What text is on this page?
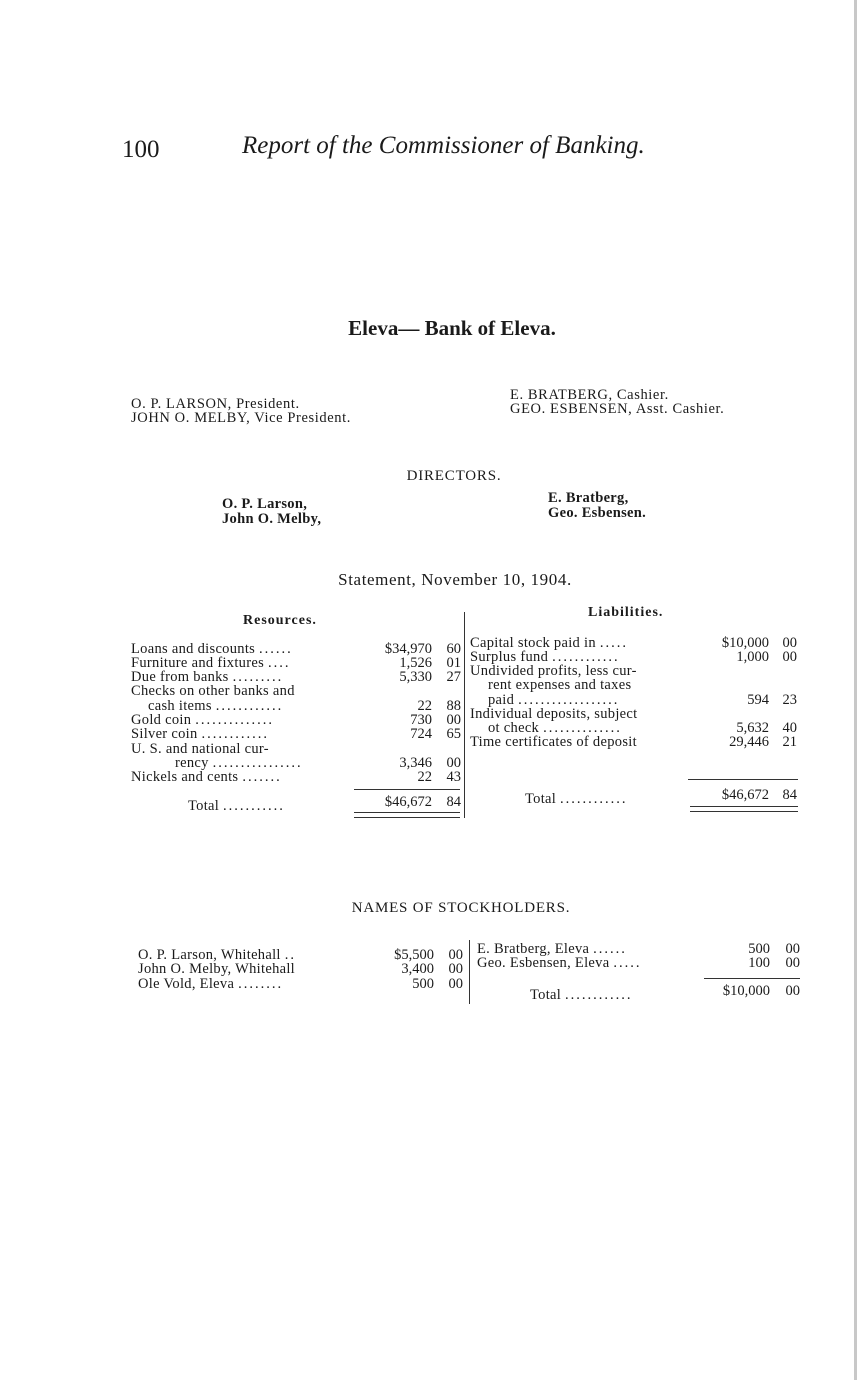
100	Report of the Commissioner of Banking.
Eleva— Bank of Eleva.
O. P. LARSON, President.
JOHN O. MELBY, Vice President.
E. BRATBERG, Cashier.
GEO. ESBENSEN, Asst. Cashier.
DIRECTORS.
O. P. Larson,
John O. Melby,
E. Bratberg,
Geo. Esbensen.
Statement, November 10, 1904.
Resources.
Liabilities.
Loans and discounts ......	$34,970	60
Furniture and fixtures ....	1,526	01
Due from banks .........	5,330	27
Checks on other banks and
cash items ............	22	88
Gold coin ..............	730	00
Silver coin ............	724	65
U. S. and national cur-
rency ................	3,346	00
Nickels and cents .......	22	43
Capital stock paid in .....	$10,000 00
Surplus fund ............	1,000 00
Undivided profits, less cur-
rent expenses and taxes
paid ..................	594 23
Individual deposits, subject
ot check ..............	5,632 40
Time certificates of deposit	29,446 21
Total ...........	$46,672	84	Total ............	$46,672 84
NAMES OF STOCKHOLDERS.
O. P. Larson, Whitehall ..	$5,500	00
John O. Melby, Whitehall	3,400	00
Ole Vold, Eleva ........	500	00
E. Bratberg, Eleva ......	500	00
Geo. Esbensen, Eleva .....	100	00
Total ............	$10,000	00
